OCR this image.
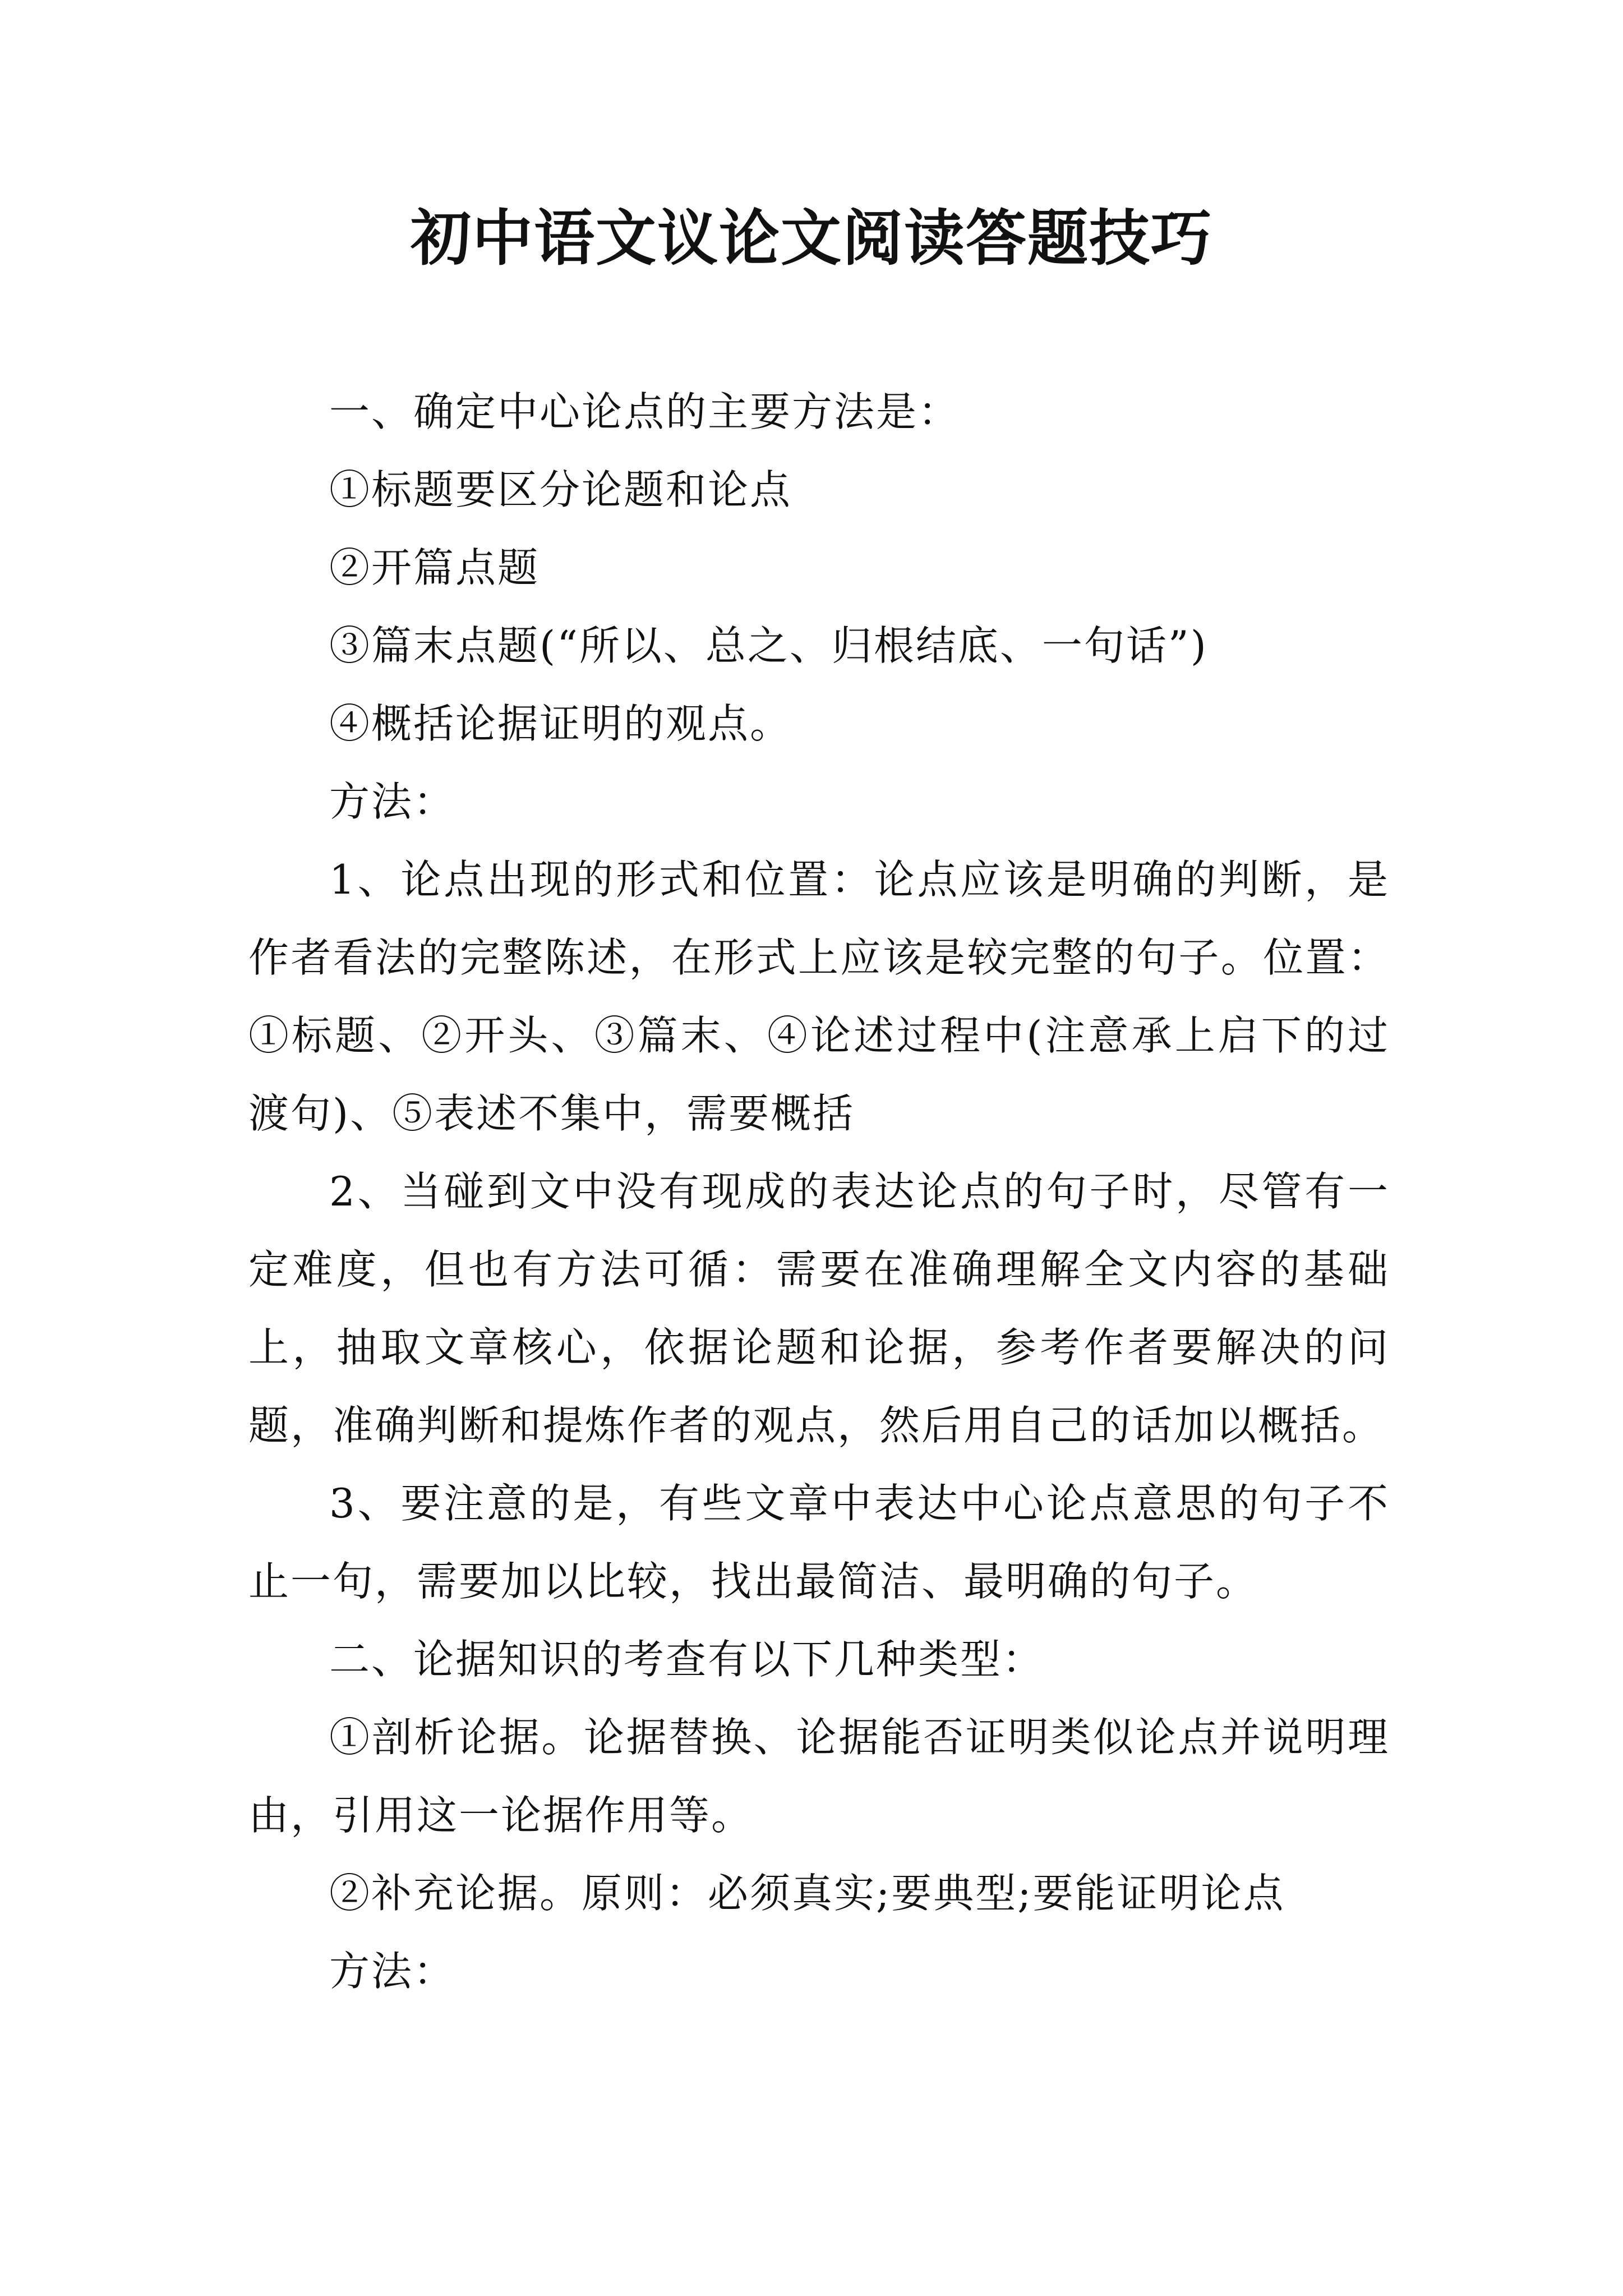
初中语文议论文阅读答题技巧

一、确定中心论点的主要方法是：

①标题要区分论题和论点

②开篇点题

③篇末点题(“所以、总之、归根结底、一句话”)

④概括论据证明的观点。

方法：

1、论点出现的形式和位置：论点应该是明确的判断，是作者看法的完整陈述，在形式上应该是较完整的句子。位置：①标题、②开头、③篇末、④论述过程中(注意承上启下的过渡句)、⑤表述不集中，需要概括

2、当碰到文中没有现成的表达论点的句子时，尽管有一定难度，但也有方法可循：需要在准确理解全文内容的基础上，抽取文章核心，依据论题和论据，参考作者要解决的问题，准确判断和提炼作者的观点，然后用自己的话加以概括。

3、要注意的是，有些文章中表达中心论点意思的句子不止一句，需要加以比较，找出最简洁、最明确的句子。

二、论据知识的考查有以下几种类型：

①剖析论据。论据替换、论据能否证明类似论点并说明理由，引用这一论据作用等。

②补充论据。原则：必须真实;要典型;要能证明论点

方法：
